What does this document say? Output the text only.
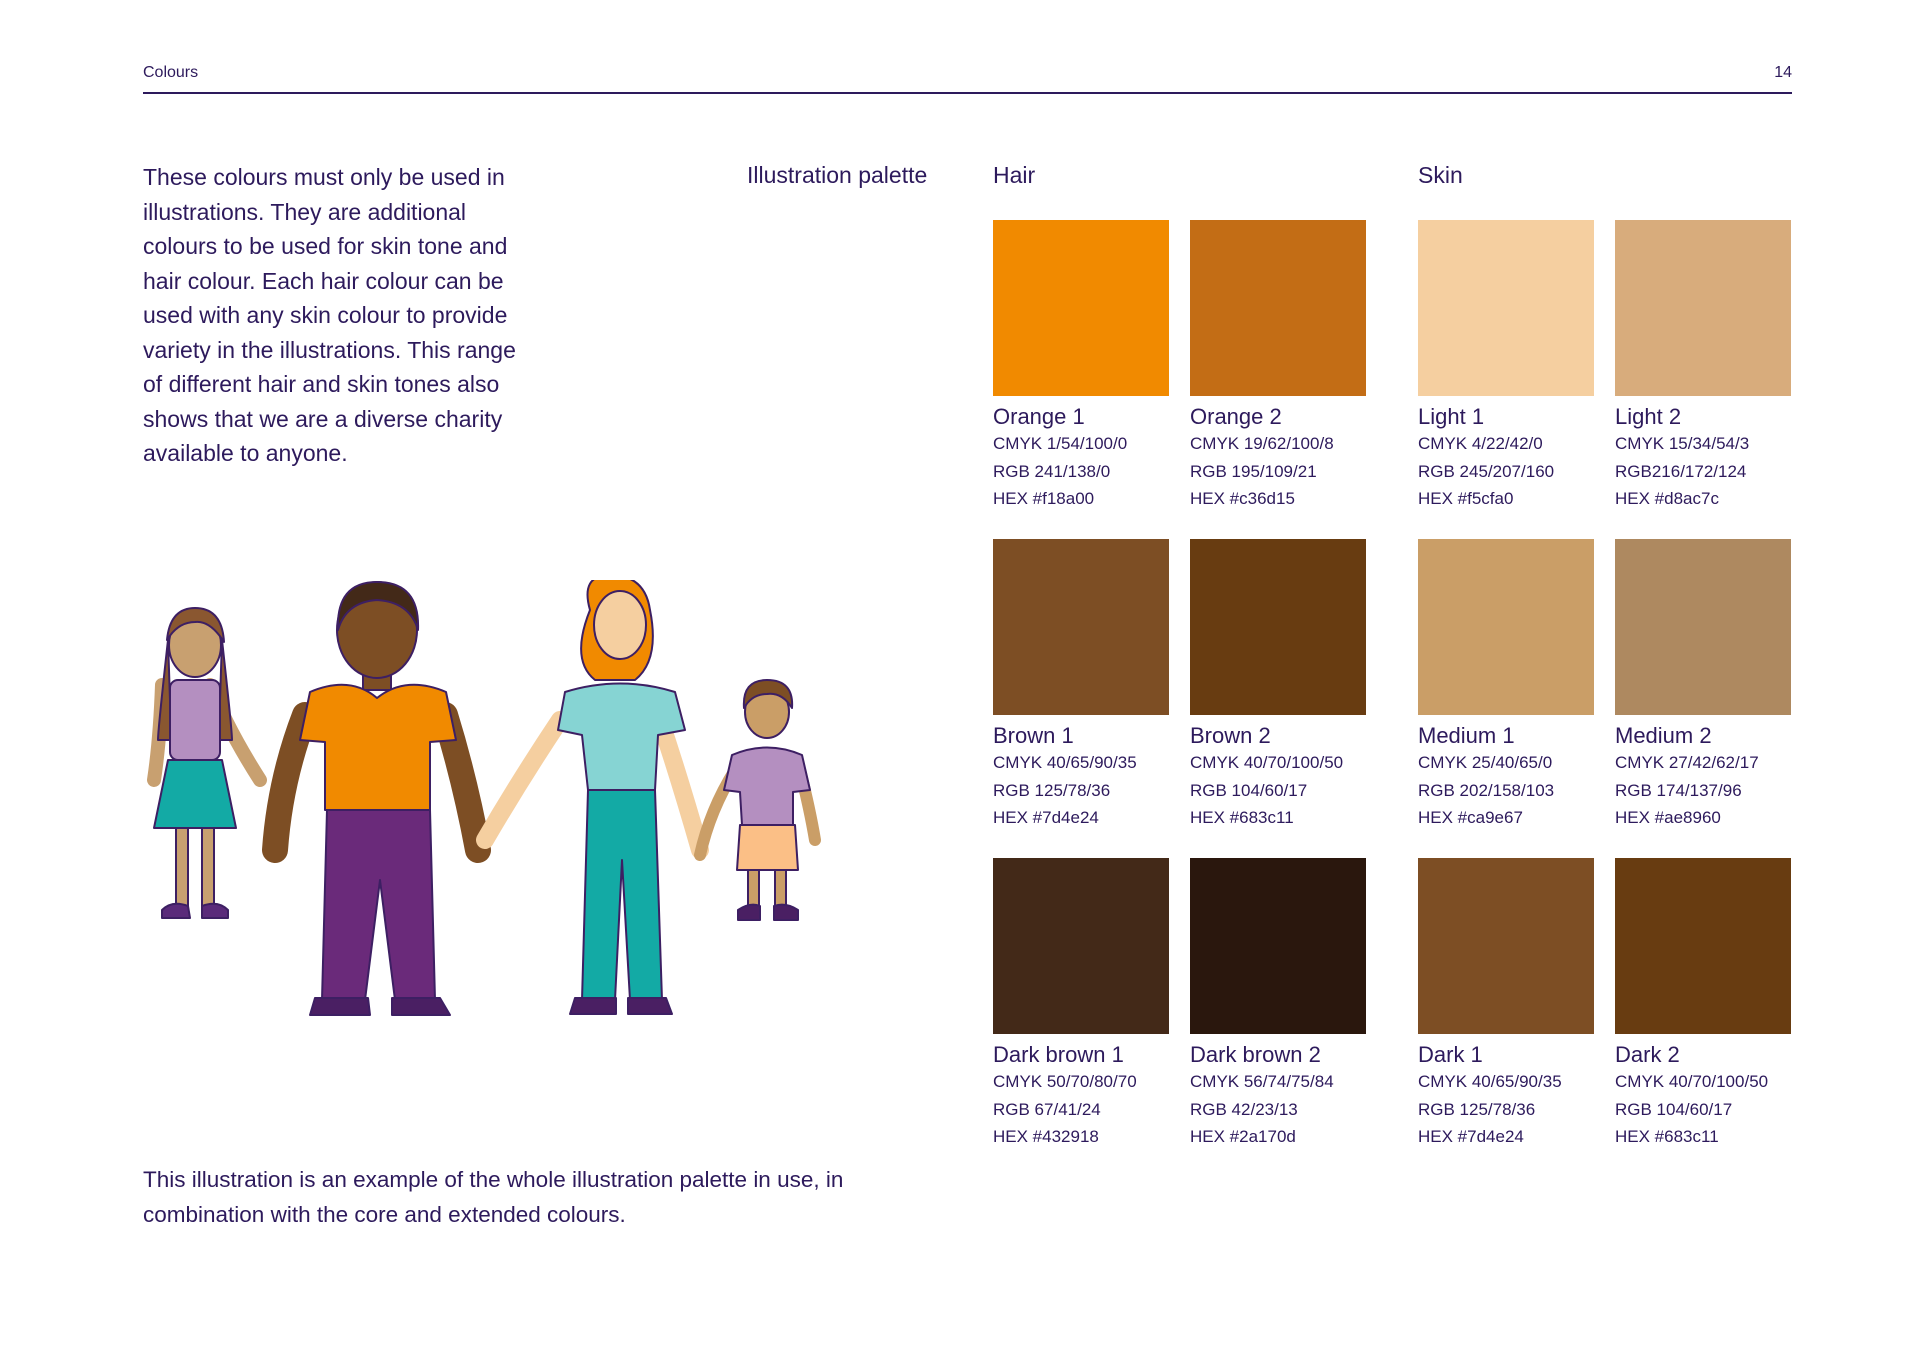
Colours	14

These colours must only be used in illustrations. They are additional colours to be used for skin tone and hair colour. Each hair colour can be used with any skin colour to provide variety in the illustrations. This range of different hair and skin tones also shows that we are a diverse charity available to anyone.

Illustration palette	Hair	Skin
Orange 1
CMYK 1/54/100/0
RGB 241/138/0
HEX #f18a00
Orange 2
CMYK 19/62/100/8
RGB 195/109/21
HEX #c36d15
Brown 1
CMYK 40/65/90/35
RGB 125/78/36
HEX #7d4e24
Brown 2
CMYK 40/70/100/50
RGB 104/60/17
HEX #683c11
Dark brown 1
CMYK 50/70/80/70
RGB 67/41/24
HEX #432918
Dark brown 2
CMYK 56/74/75/84
RGB 42/23/13
HEX #2a170d
Light 1
CMYK 4/22/42/0
RGB 245/207/160
HEX #f5cfa0
Light 2
CMYK 15/34/54/3
RGB216/172/124
HEX #d8ac7c
Medium 1
CMYK 25/40/65/0
RGB 202/158/103
HEX #ca9e67
Medium 2
CMYK 27/42/62/17
RGB 174/137/96
HEX #ae8960
Dark 1
CMYK 40/65/90/35
RGB 125/78/36
HEX #7d4e24
Dark 2
CMYK 40/70/100/50
RGB 104/60/17
HEX #683c11

This illustration is an example of the whole illustration palette in use, in combination with the core and extended colours.
